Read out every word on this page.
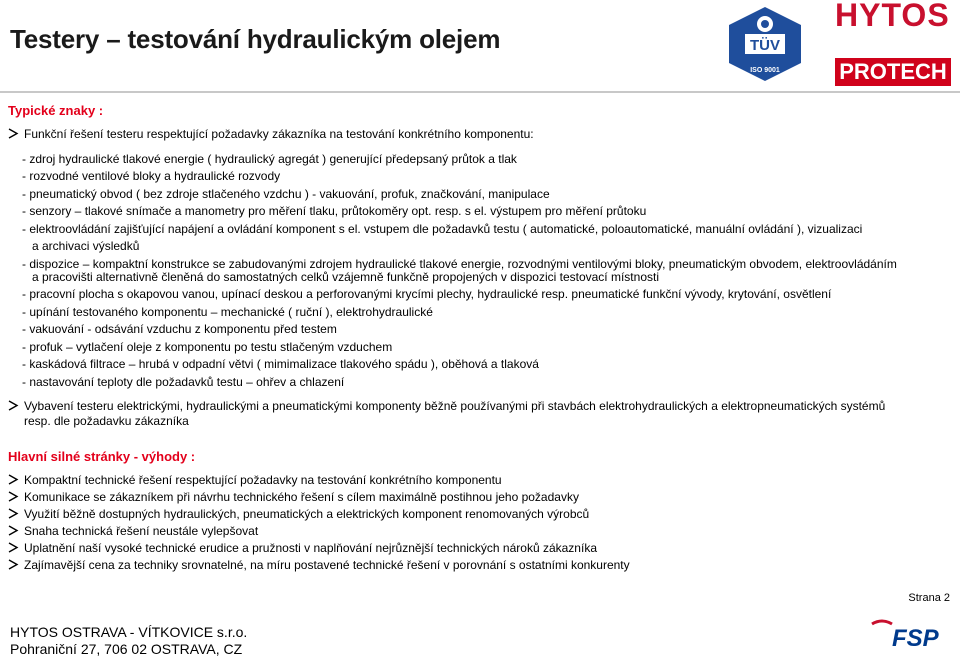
Testery – testování hydraulickým olejem	TÜV
ISO 9001
HYTOS
PROTECH
Typické znaky :
Funkční řešení testeru respektující požadavky zákazníka na testování konkrétního komponentu:
- zdroj hydraulické tlakové energie ( hydraulický agregát ) generující předepsaný průtok a tlak
- rozvodné ventilové bloky a hydraulické rozvody
- pneumatický obvod ( bez zdroje stlačeného vzdchu ) - vakuování, profuk, značkování, manipulace
- senzory – tlakové snímače a manometry pro měření tlaku, průtokoměry opt. resp. s el. výstupem pro měření průtoku
- elektroovládání zajišťující napájení a ovládání komponent s el. vstupem dle požadavků testu ( automatické, poloautomatické, manuální ovládání ), vizualizaci
a archivaci výsledků
- dispozice – kompaktní konstrukce se zabudovanými zdrojem hydraulické tlakové energie, rozvodnými ventilovými bloky, pneumatickým obvodem, elektroovládáním
a pracovišti alternativně členěná do samostatných celků vzájemně funkčně propojených v dispozici testovací místnosti
- pracovní plocha s okapovou vanou, upínací deskou a perforovanými krycími plechy, hydraulické resp. pneumatické funkční vývody, krytování, osvětlení
- upínání testovaného komponentu – mechanické ( ruční ), elektrohydraulické
- vakuování - odsávání vzduchu z komponentu před testem
- profuk – vytlačení oleje z komponentu po testu stlačeným vzduchem
- kaskádová filtrace – hrubá v odpadní větvi ( mimimalizace tlakového spádu ), oběhová a tlaková
- nastavování teploty dle požadavků testu – ohřev a chlazení
Vybavení testeru elektrickými, hydraulickými a pneumatickými komponenty běžně používanými při stavbách elektrohydraulických a elektropneumatických systémů
resp. dle požadavku zákazníka
Hlavní silné stránky - výhody :
Kompaktní technické řešení respektující požadavky na testování konkrétního komponentu
Komunikace se zákazníkem při návrhu technického řešení s cílem maximálně postihnou jeho požadavky
Využití běžně dostupných hydraulických, pneumatických a elektrických komponent renomovaných výrobců
Snaha technická řešení neustále vylepšovat
Uplatnění naší vysoké technické erudice a pružnosti v naplňování nejrůznější technických nároků zákazníka
Zajímavější cena za techniky srovnatelné, na míru postavené technické řešení v porovnání s ostatními konkurenty
Strana 2
HYTOS OSTRAVA - VÍTKOVICE s.r.o.
Pohraniční 27, 706 02 OSTRAVA, CZ	FSP
